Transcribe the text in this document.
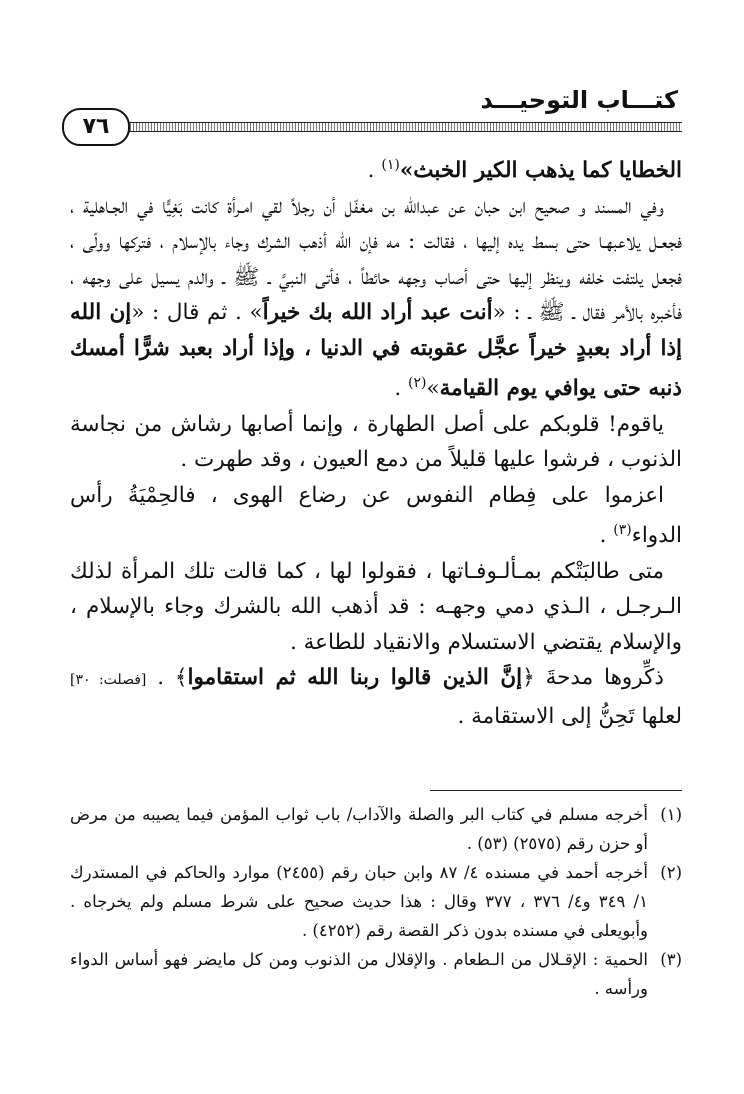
كتـــاب التوحيـــد
٧٦

الخطايا كما يذهب الكير الخبث»$^{(١)}$ .

وفي المسند و صحيح ابن حبان عن عبدالله بن مغفّل أن رجلاً لقي امـرأة كانت بَغِيًّا في الجـاهلية ، فجعـل يلاعبهـا حتى بسط يده إليها ، فقالت : مه فإن الله أذهب الشرك وجاء بالإسلام ، فتركها وولّى ، فجعل يلتفت خلفه وينظر إليها حتى أصاب وجهه حائطاً ، فأتى النبيَّ ـ ﷺ ـ والدم يسيل على وجهه ، فأخبره بالأمر فقال ـ ﷺ ـ : «أنت عبد أراد الله بك خيراً» . ثم قال : «إن الله إذا أراد بعبدٍ خيراً عجَّل عقوبته في الدنيا ، وإذا أراد بعبد شرًّا أمسك ذنبه حتى يوافي يوم القيامة»$^{(٢)}$ .

ياقوم! قلوبكم على أصل الطهارة ، وإنما أصابها رشاش من نجاسة الذنوب ، فرشوا عليها قليلاً من دمع العيون ، وقد طهرت .

اعزموا على فِطام النفوس عن رضاع الهوى ، فالحِمْيَةُ رأس الدواء$^{(٣)}$ .

متى طالبَتْكم بمـألـوفـاتها ، فقولوا لها ، كما قالت تلك المرأة لذلك الـرجـل ، الـذي دمي وجهـه : قد أذهب الله بالشرك وجاء بالإسلام ، والإسلام يقتضي الاستسلام والانقياد للطاعة .

ذكِّروها مدحةَ ﴿إنَّ الذين قالوا ربنا الله ثم استقاموا﴾ . [فصلت: ٣٠] لعلها تَحِنُّ إلى الاستقامة .

(١)
أخرجه مسلم في كتاب البر والصلة والآداب/ باب ثواب المؤمن فيما يصيبه من مرض أو حزن رقم (٢٥٧٥) (٥٣) .

(٢)
أخرجه أحمد في مسنده ٤/ ٨٧ وابن حبان رقم (٢٤٥٥) موارد والحاكم في المستدرك ١/ ٣٤٩ و٤/ ٣٧٦ ، ٣٧٧ وقال : هذا حديث صحيح على شرط مسلم ولم يخرجاه . وأبويعلى في مسنده بدون ذكر القصة رقم (٤٢٥٢) .

(٣)
الحمية : الإقـلال من الـطعام . والإقلال من الذنوب ومن كل مايضر فهو أساس الدواء ورأسه .
